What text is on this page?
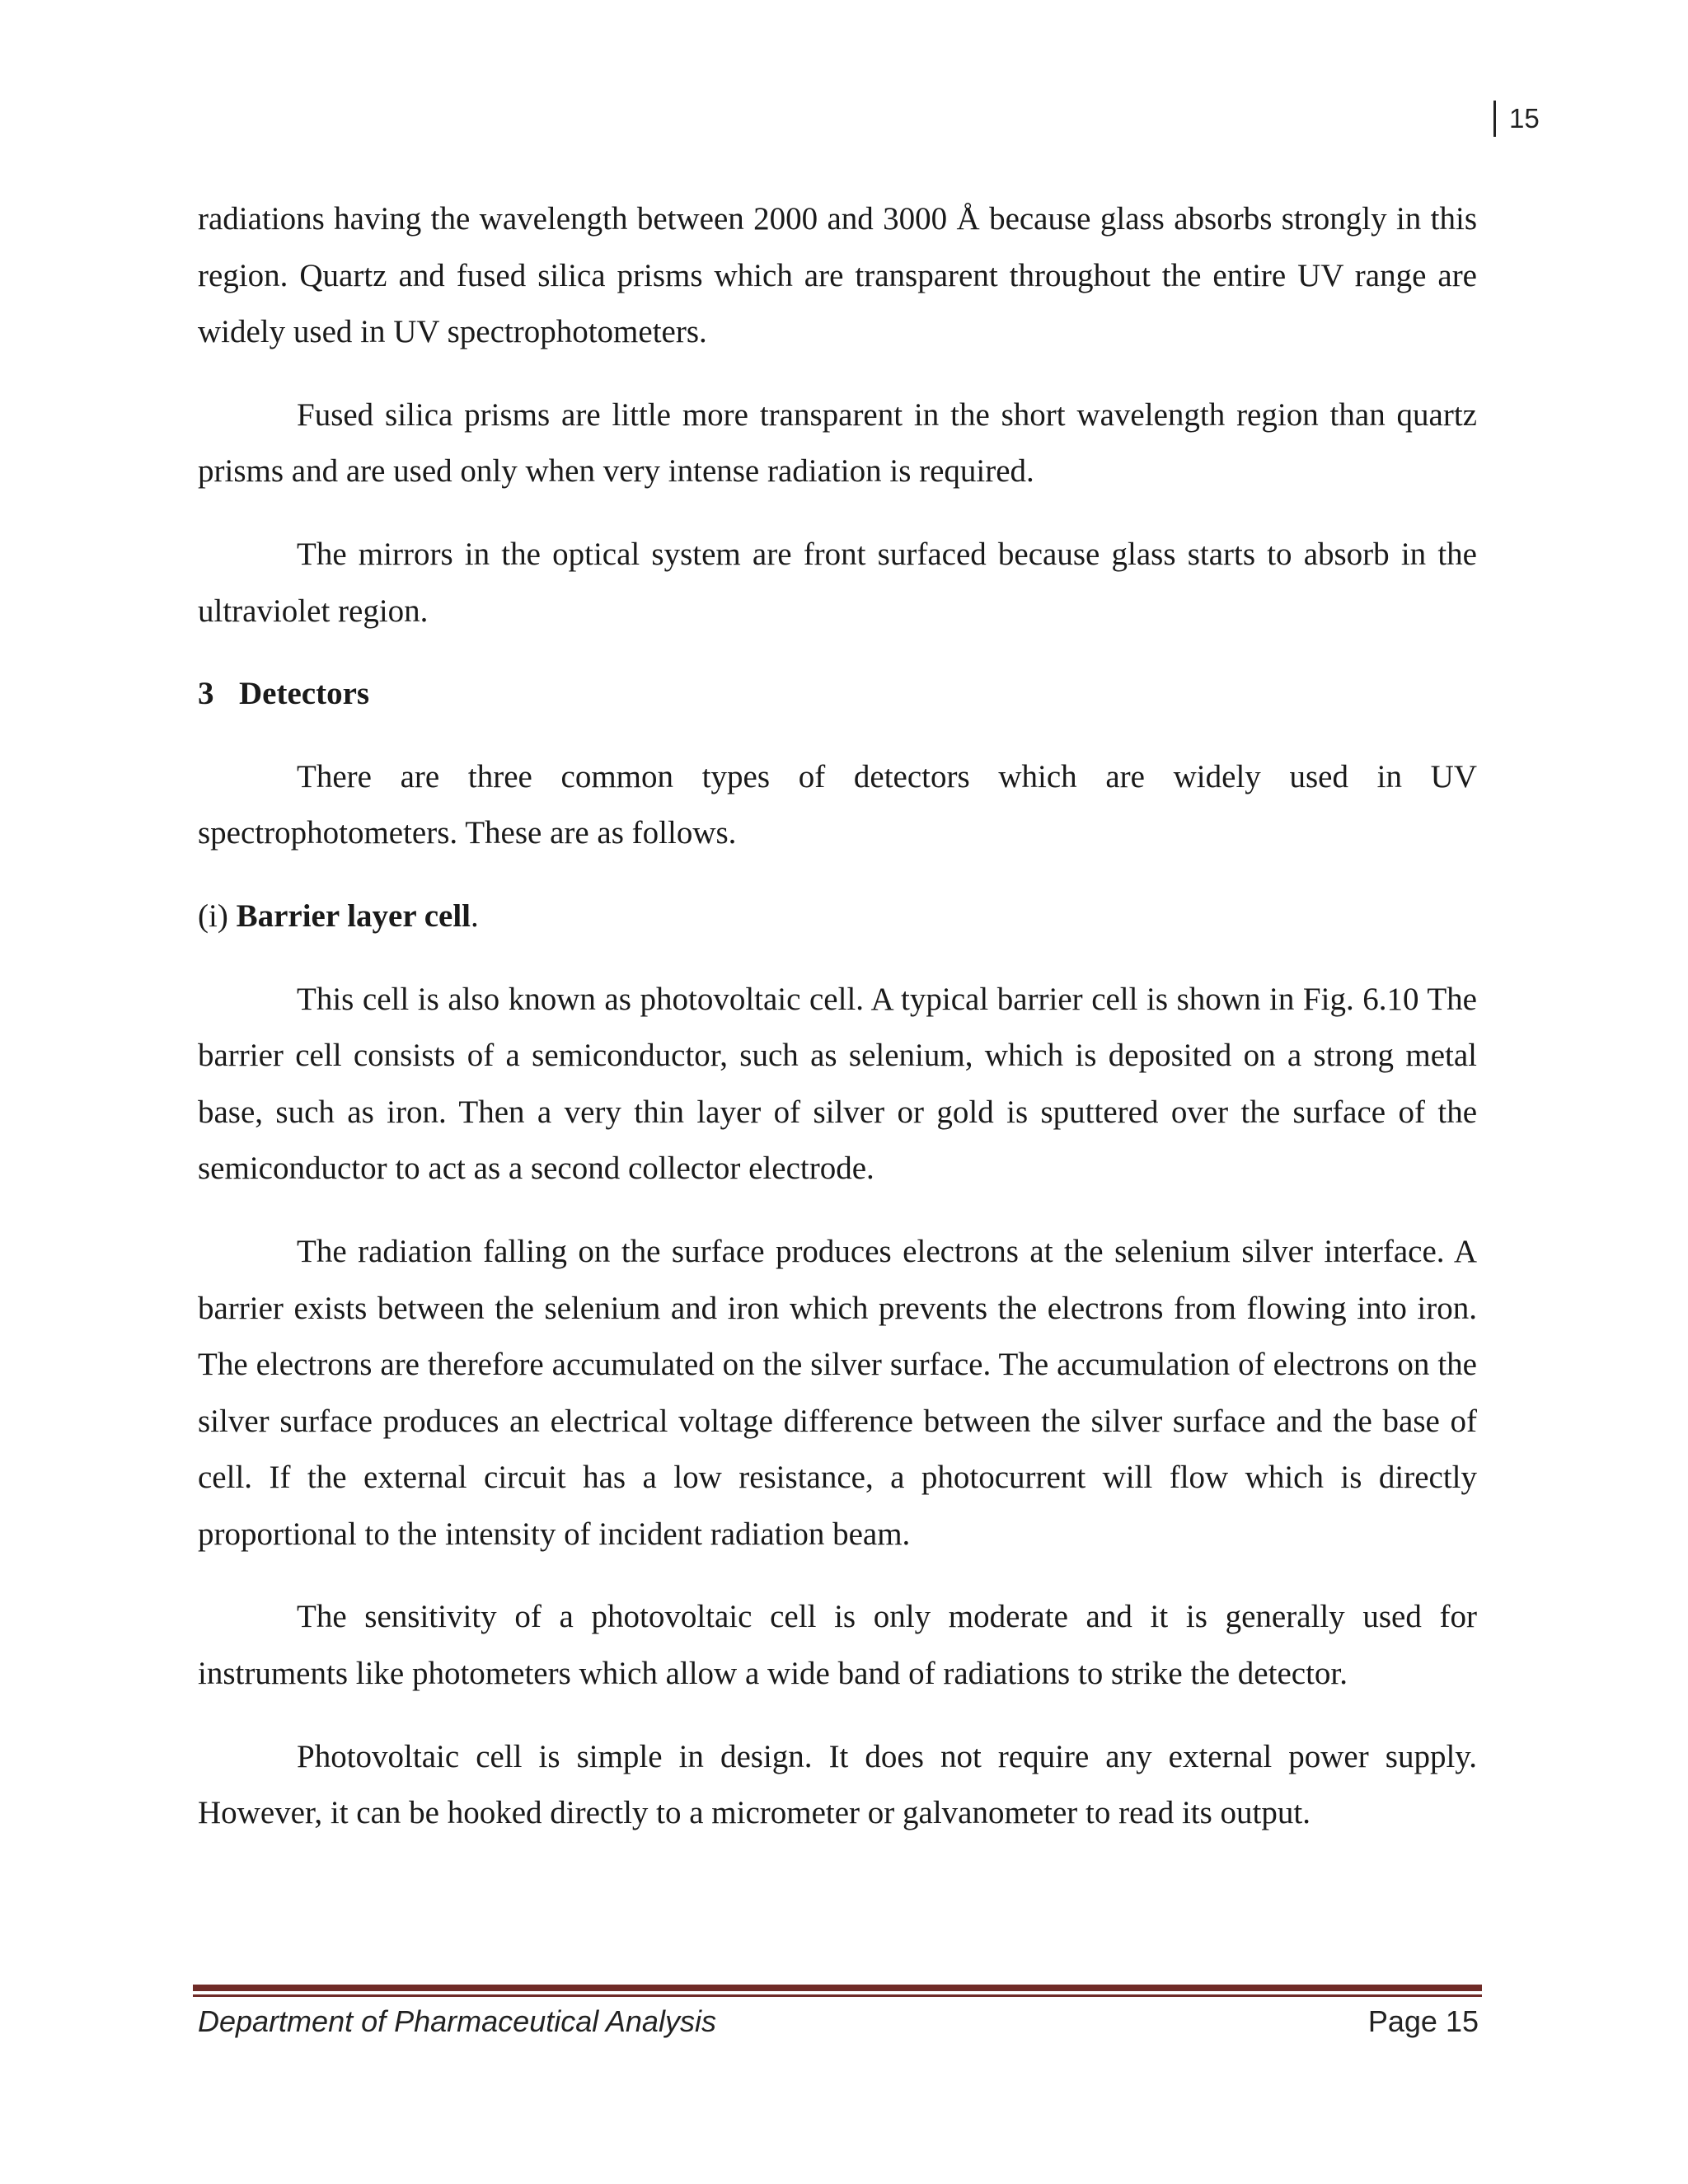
15

radiations having the wavelength between 2000 and 3000 Å because glass absorbs strongly in this region. Quartz and fused silica prisms which are transparent throughout the entire UV range are widely used in UV spectrophotometers.

Fused silica prisms are little more transparent in the short wavelength region than quartz prisms and are used only when very intense radiation is required.

The mirrors in the optical system are front surfaced because glass starts to absorb in the ultraviolet region.

3 Detectors

There are three common types of detectors which are widely used in UV spectrophotometers. These are as follows.

(i) Barrier layer cell.

This cell is also known as photovoltaic cell. A typical barrier cell is shown in Fig. 6.10 The barrier cell consists of a semiconductor, such as selenium, which is deposited on a strong metal base, such as iron. Then a very thin layer of silver or gold is sputtered over the surface of the semiconductor to act as a second collector electrode.

The radiation falling on the surface produces electrons at the selenium silver interface. A barrier exists between the selenium and iron which prevents the electrons from flowing into iron. The electrons are therefore accumulated on the silver surface. The accumulation of electrons on the silver surface produces an electrical voltage difference between the silver surface and the base of cell. If the external circuit has a low resistance, a photocurrent will flow which is directly proportional to the intensity of incident radiation beam.

The sensitivity of a photovoltaic cell is only moderate and it is generally used for instruments like photometers which allow a wide band of radiations to strike the detector.

Photovoltaic cell is simple in design. It does not require any external power supply. However, it can be hooked directly to a micrometer or galvanometer to read its output.

Department of Pharmaceutical Analysis	Page 15
